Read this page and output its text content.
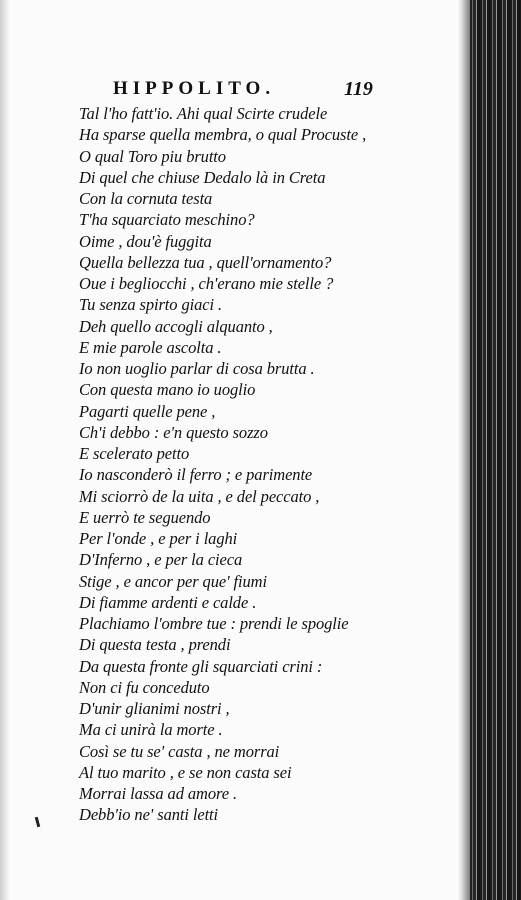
HIPPOLITO.	119
Tal l'ho fatt'io. Ahi qual Scirte crudele
Ha sparse quella membra, o qual Procuste ,
O qual Toro piu brutto
Di quel che chiuse Dedalo là in Creta
Con la cornuta testa
T'ha squarciato meschino?
Oime , dou'è fuggita
Quella bellezza tua , quell'ornamento?
Oue i begliocchi , ch'erano mie stelle ?
Tu senza spirto giaci .
Deh quello accogli alquanto ,
E mie parole ascolta .
Io non uoglio parlar di cosa brutta .
Con questa mano io uoglio
Pagarti quelle pene ,
Ch'i debbo : e'n questo sozzo
E scelerato petto
Io nasconderò il ferro ; e parimente
Mi sciorrò de la uita , e del peccato ,
E uerrò te seguendo
Per l'onde , e per i laghi
D'Inferno , e per la cieca
Stige , e ancor per que' fiumi
Di fiamme ardenti e calde .
Plachiamo l'ombre tue : prendi le spoglie
Di questa testa , prendi
Da questa fronte gli squarciati crini :
Non ci fu conceduto
D'unir glianimi nostri ,
Ma ci unirà la morte .
Così se tu se' casta , ne morrai
Al tuo marito , e se non casta sei
Morrai lassa ad amore .
Debb'io ne' santi letti
